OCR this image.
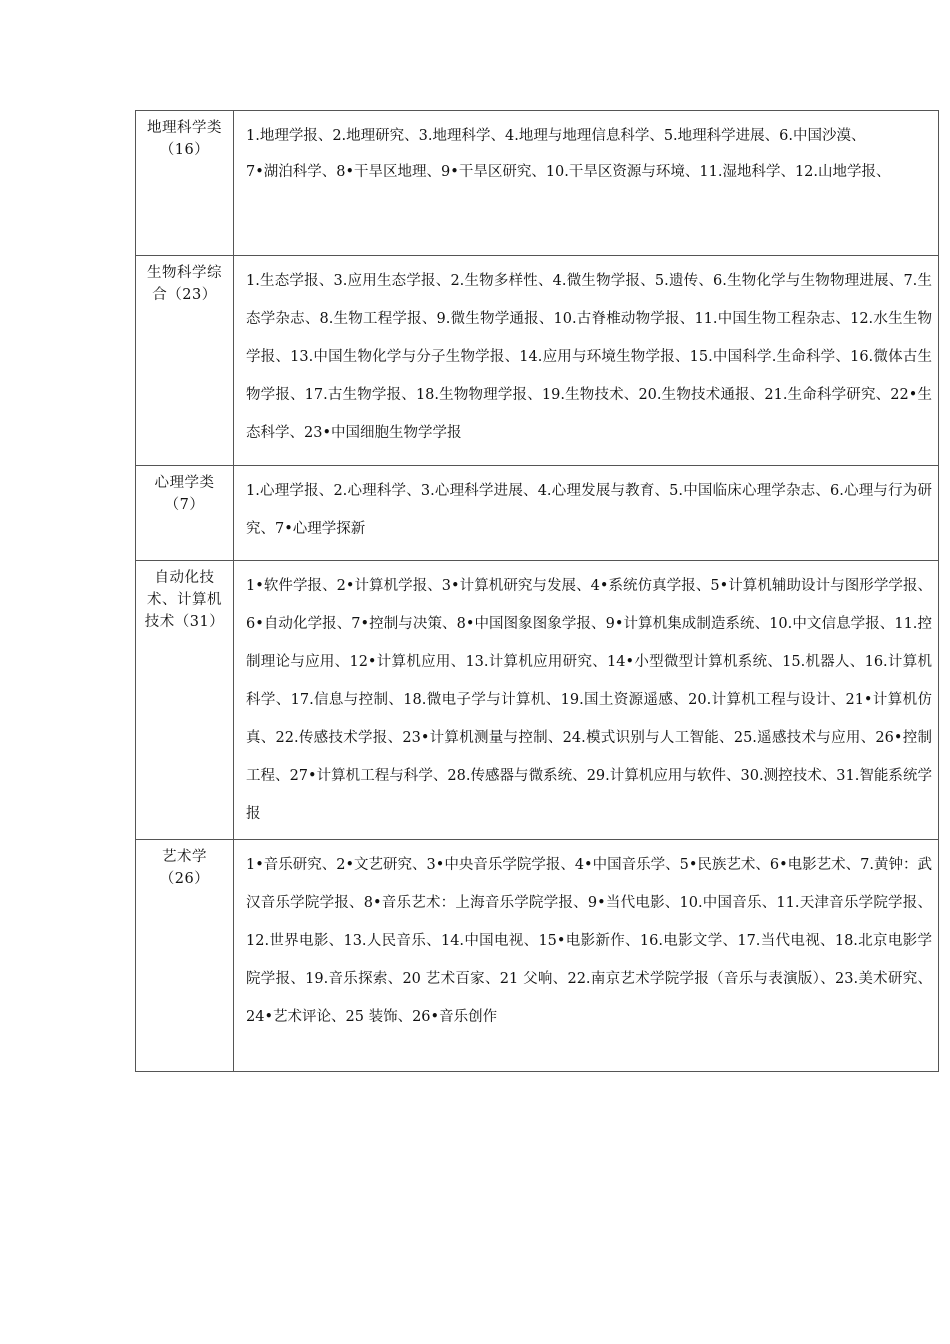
地理科学类（16）	1.地理学报、2.地理研究、3.地理科学、4.地理与地理信息科学、5.地理科学进展、6.中国沙漠、
7•湖泊科学、8•干旱区地理、9•干旱区研究、10.干旱区资源与环境、11.湿地科学、12.山地学报、

生物科学综合（23）	1.生态学报、3.应用生态学报、2.生物多样性、4.微生物学报、5.遗传、6.生物化学与生物物理进展、7.生态学杂志、8.生物工程学报、9.微生物学通报、10.古脊椎动物学报、11.中国生物工程杂志、12.水生生物学报、13.中国生物化学与分子生物学报、14.应用与环境生物学报、15.中国科学.生命科学、16.微体古生物学报、17.古生物学报、18.生物物理学报、19.生物技术、20.生物技术通报、21.生命科学研究、22•生态科学、23•中国细胞生物学学报
心理学类（7）	1.心理学报、2.心理科学、3.心理科学进展、4.心理发展与教育、5.中国临床心理学杂志、6.心理与行为研究、7•心理学探新
自动化技术、计算机技术（31）	1•软件学报、2•计算机学报、3•计算机研究与发展、4•系统仿真学报、5•计算机辅助设计与图形学学报、6•自动化学报、7•控制与决策、8•中国图象图象学报、9•计算机集成制造系统、10.中文信息学报、11.控制理论与应用、12•计算机应用、13.计算机应用研究、14•小型微型计算机系统、15.机器人、16.计算机科学、17.信息与控制、18.微电子学与计算机、19.国土资源遥感、20.计算机工程与设计、21•计算机仿真、22.传感技术学报、23•计算机测量与控制、24.模式识别与人工智能、25.遥感技术与应用、26•控制工程、27•计算机工程与科学、28.传感器与微系统、29.计算机应用与软件、30.测控技术、31.智能系统学报
艺术学（26）	1•音乐研究、2•文艺研究、3•中央音乐学院学报、4•中国音乐学、5•民族艺术、6•电影艺术、7.黄钟：武汉音乐学院学报、8•音乐艺术：上海音乐学院学报、9•当代电影、10.中国音乐、11.天津音乐学院学报、12.世界电影、13.人民音乐、14.中国电视、15•电影新作、16.电影文学、17.当代电视、18.北京电影学院学报、19.音乐探索、20 艺术百家、21 父响、22.南京艺术学院学报（音乐与表演版）、23.美术研究、24•艺术评论、25 装饰、26•音乐创作
